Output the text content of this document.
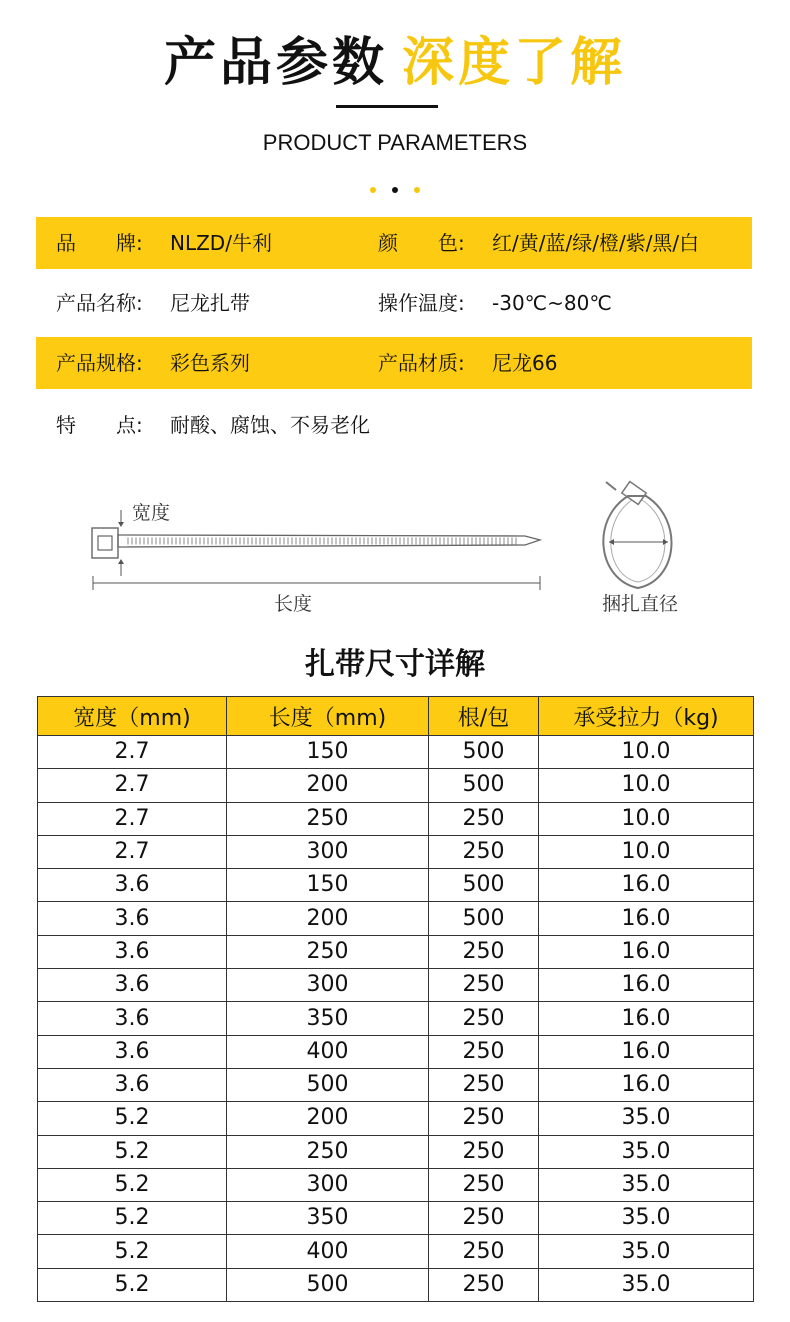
产品参数 深度了解
PRODUCT PARAMETERS
品　　牌: NLZD/牛利	颜　　色: 红/黄/蓝/绿/橙/紫/黑/白
产品名称: 尼龙扎带	操作温度: -30℃~80℃
产品规格: 彩色系列	产品材质: 尼龙66
特　　点: 耐酸、腐蚀、不易老化
宽度
长度	捆扎直径
扎带尺寸详解
宽度（mm)	长度（mm)	根/包	承受拉力（kg)
2.7	150	500	10.0
2.7	200	500	10.0
2.7	250	250	10.0
2.7	300	250	10.0
3.6	150	500	16.0
3.6	200	500	16.0
3.6	250	250	16.0
3.6	300	250	16.0
3.6	350	250	16.0
3.6	400	250	16.0
3.6	500	250	16.0
5.2	200	250	35.0
5.2	250	250	35.0
5.2	300	250	35.0
5.2	350	250	35.0
5.2	400	250	35.0
5.2	500	250	35.0
